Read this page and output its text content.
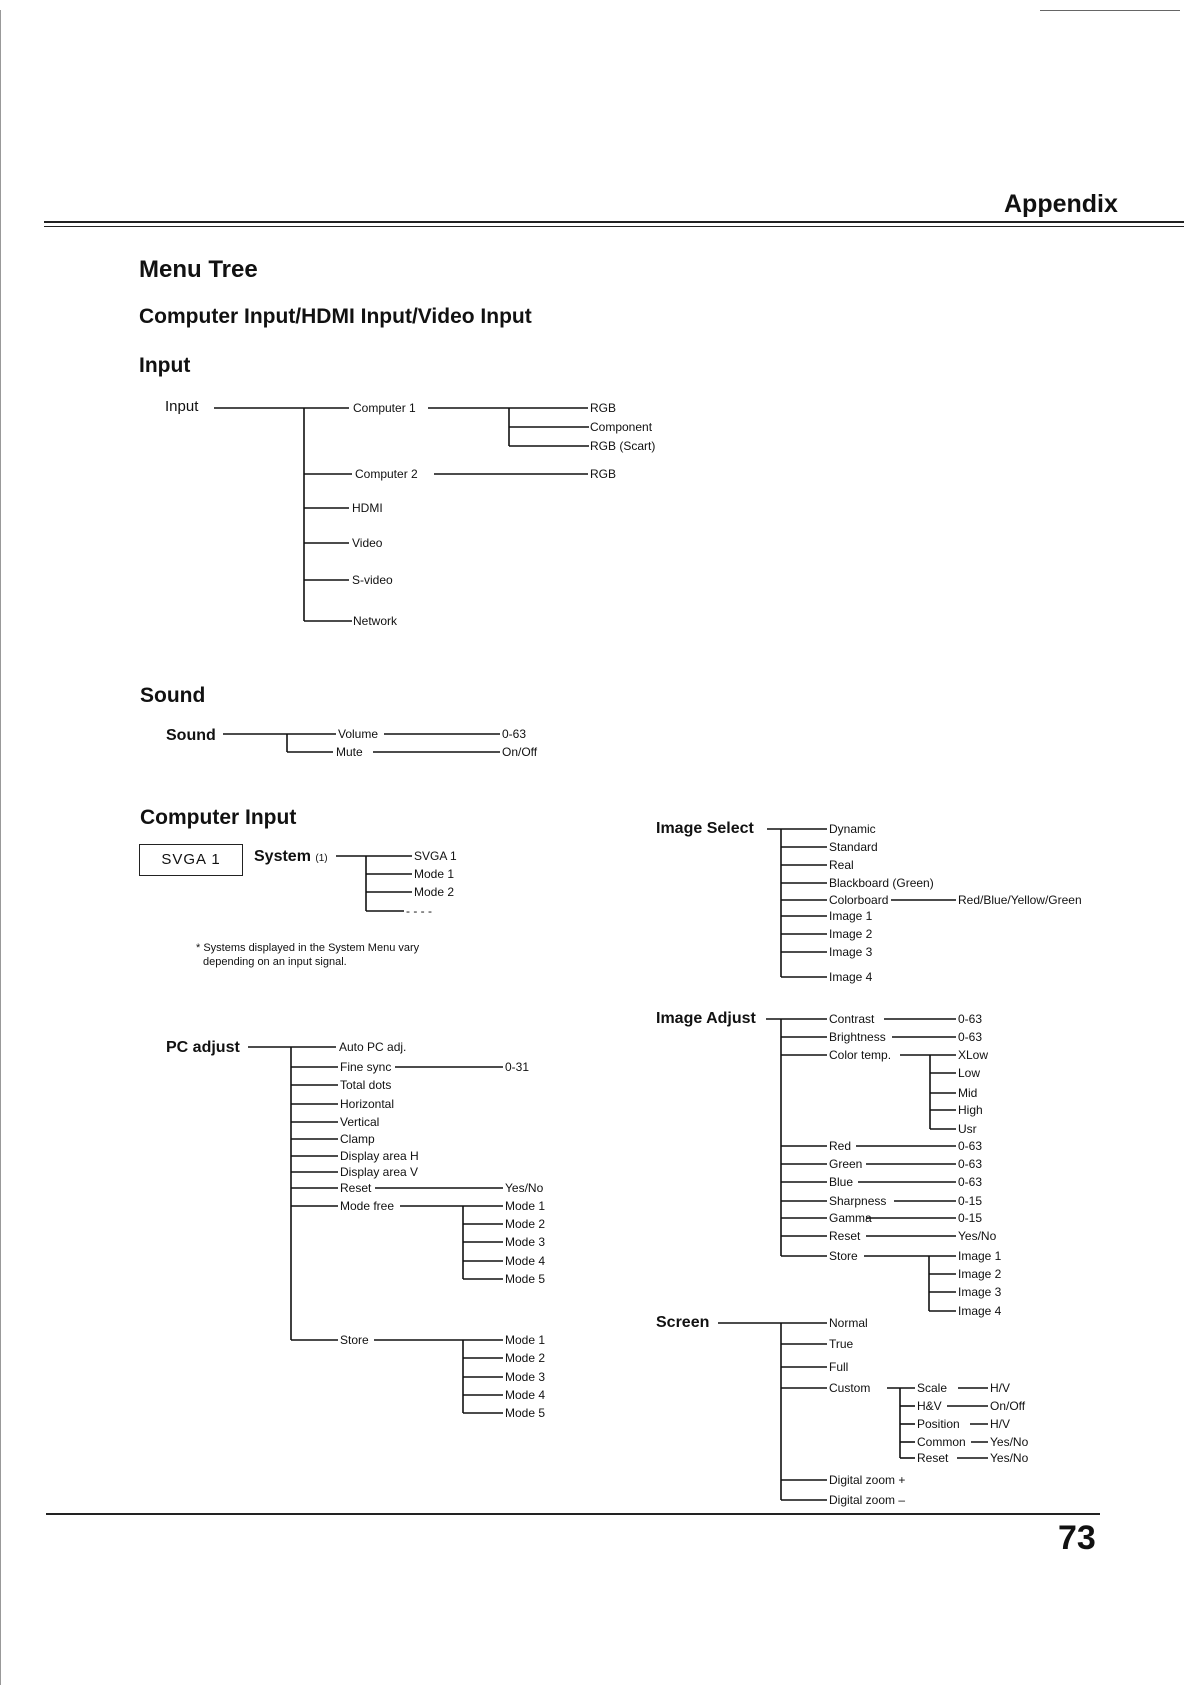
Appendix
Menu Tree
Computer Input/HDMI Input/Video Input
Input
Sound
Computer Input
73
Input	Computer 1	RGB
Component
RGB (Scart)
Computer 2	RGB
HDMI
Video
S-video
Network
Sound	Volume	0-63
Mute	On/Off
SVGA 1	System (1)	SVGA 1
Mode 1
Mode 2
- - - -
* Systems displayed in the System Menu vary
depending on an input signal.
PC adjust	Auto PC adj.
Fine sync	0-31
Total dots
Horizontal
Vertical
Clamp
Display area H
Display area V
Reset	Yes/No
Mode free	Mode 1
Mode 2
Mode 3
Mode 4
Mode 5
Store	Mode 1
Mode 2
Mode 3
Mode 4
Mode 5
Image Select	Dynamic
Standard
Real
Blackboard (Green)
Colorboard	Red/Blue/Yellow/Green
Image 1
Image 2
Image 3
Image 4
Image Adjust	Contrast	0-63
Brightness	0-63
Color temp.	XLow
Low
Mid
High
Usr
Red	0-63
Green	0-63
Blue	0-63
Sharpness	0-15
Gamma	0-15
Reset	Yes/No
Store	Image 1
Image 2
Image 3
Image 4
Screen	Normal
True
Full
Custom	Scale	H/V
H&V	On/Off
Position	H/V
Common Yes/No
Reset	Yes/No
Digital zoom +
Digital zoom –
